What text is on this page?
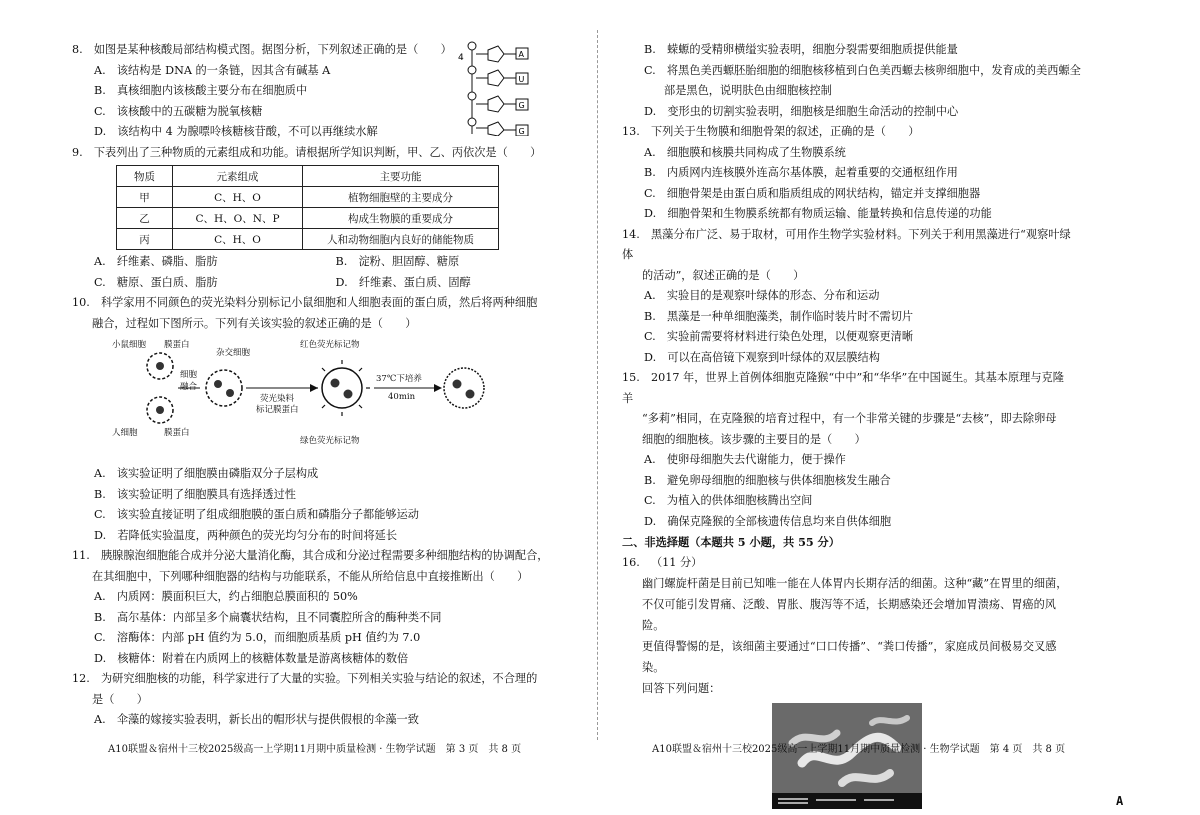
8. 如图是某种核酸局部结构模式图。据图分析，下列叙述正确的是（　　）
A. 该结构是 DNA 的一条链，因其含有碱基 A
B. 真核细胞内该核酸主要分布在细胞质中
C. 该核酸中的五碳糖为脱氧核糖
D. 该结构中 4 为腺嘌呤核糖核苷酸，不可以再继续水解
9. 下表列出了三种物质的元素组成和功能。请根据所学知识判断，甲、乙、丙依次是（　　）
物质	元素组成	主要功能
甲	C、H、O	植物细胞壁的主要成分
乙	C、H、O、N、P	构成生物膜的重要成分
丙	C、H、O	人和动物细胞内良好的储能物质
A. 纤维素、磷脂、脂肪	B. 淀粉、胆固醇、糖原
C. 糖原、蛋白质、脂肪	D. 纤维素、蛋白质、固醇
10. 科学家用不同颜色的荧光染料分别标记小鼠细胞和人细胞表面的蛋白质，然后将两种细胞
融合，过程如下图所示。下列有关该实验的叙述正确的是（　　）
小鼠细胞 膜蛋白
细胞
融合
杂交细胞
荧光染料
标记膜蛋白
红色荧光标记物
37℃下培养
40min
人细胞	膜蛋白
绿色荧光标记物
A. 该实验证明了细胞膜由磷脂双分子层构成
B. 该实验证明了细胞膜具有选择透过性
C. 该实验直接证明了组成细胞膜的蛋白质和磷脂分子都能够运动
D. 若降低实验温度，两种颜色的荧光均匀分布的时间将延长
11. 胰腺腺泡细胞能合成并分泌大量消化酶，其合成和分泌过程需要多种细胞结构的协调配合，
在其细胞中，下列哪种细胞器的结构与功能联系，不能从所给信息中直接推断出（　　）
A. 内质网：膜面积巨大，约占细胞总膜面积的 50%
B. 高尔基体：内部呈多个扁囊状结构，且不同囊腔所含的酶种类不同
C. 溶酶体：内部 pH 值约为 5.0，而细胞质基质 pH 值约为 7.0
D. 核糖体：附着在内质网上的核糖体数量是游离核糖体的数倍
12. 为研究细胞核的功能，科学家进行了大量的实验。下列相关实验与结论的叙述，不合理的
是（　　）
A. 伞藻的嫁接实验表明，新长出的帽形状与提供假根的伞藻一致
4	A
U
G
G
B. 蝾螈的受精卵横缢实验表明，细胞分裂需要细胞质提供能量
C. 将黑色美西螈胚胎细胞的细胞核移植到白色美西螈去核卵细胞中，发育成的美西螈全
部是黑色，说明肤色由细胞核控制
D. 变形虫的切割实验表明，细胞核是细胞生命活动的控制中心
13. 下列关于生物膜和细胞骨架的叙述，正确的是（　　）
A. 细胞膜和核膜共同构成了生物膜系统
B. 内质网内连核膜外连高尔基体膜，起着重要的交通枢纽作用
C. 细胞骨架是由蛋白质和脂质组成的网状结构，锚定并支撑细胞器
D. 细胞骨架和生物膜系统都有物质运输、能量转换和信息传递的功能
14. 黑藻分布广泛、易于取材，可用作生物学实验材料。下列关于利用黑藻进行“观察叶绿体
的活动”，叙述正确的是（　　）
A. 实验目的是观察叶绿体的形态、分布和运动
B. 黑藻是一种单细胞藻类，制作临时装片时不需切片
C. 实验前需要将材料进行染色处理，以便观察更清晰
D. 可以在高倍镜下观察到叶绿体的双层膜结构
15. 2017 年，世界上首例体细胞克隆猴“中中”和“华华”在中国诞生。其基本原理与克隆羊
“多莉”相同，在克隆猴的培育过程中，有一个非常关键的步骤是“去核”，即去除卵母
细胞的细胞核。该步骤的主要目的是（　　）
A. 使卵母细胞失去代谢能力，便于操作
B. 避免卵母细胞的细胞核与供体细胞核发生融合
C. 为植入的供体细胞核腾出空间
D. 确保克隆猴的全部核遗传信息均来自供体细胞
二、非选择题（本题共 5 小题，共 55 分）
16. （11 分）
幽门螺旋杆菌是目前已知唯一能在人体胃内长期存活的细菌。这种“藏”在胃里的细菌，
不仅可能引发胃痛、泛酸、胃胀、腹泻等不适，长期感染还会增加胃溃疡、胃癌的风险。
更值得警惕的是，该细菌主要通过“口口传播”、“粪口传播”，家庭成员间极易交叉感染。
回答下列问题：
A10联盟＆宿州十三校2025级高一上学期11月期中质量检测 · 生物学试题 第 3 页 共 8 页	A10联盟＆宿州十三校2025级高一上学期11月期中质量检测 · 生物学试题 第 4 页 共 8 页
A
